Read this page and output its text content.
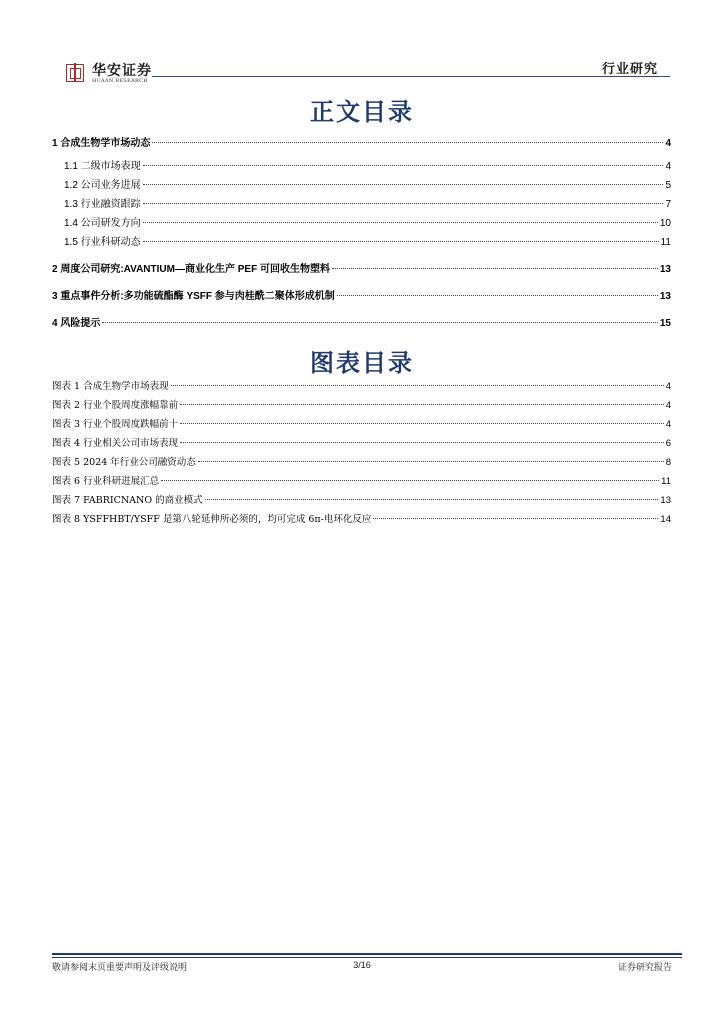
华安证券
HUAAN RESEARCH
行业研究
正文目录
1 合成生物学市场动态	4
1.1 二级市场表现	4
1.2 公司业务进展	5
1.3 行业融资跟踪	7
1.4 公司研发方向	10
1.5 行业科研动态	11
2 周度公司研究:AVANTIUM—商业化生产 PEF 可回收生物塑料	13
3 重点事件分析:多功能硫酯酶 YSFF 参与肉桂酰二聚体形成机制	13
4 风险提示	15
图表目录
图表 1 合成生物学市场表现	4
图表 2 行业个股周度涨幅靠前	4
图表 3 行业个股周度跌幅前十	4
图表 4 行业相关公司市场表现	6
图表 5 2024 年行业公司融资动态	8
图表 6 行业科研进展汇总	11
图表 7 FABRICNANO 的商业模式	13
图表 8 YSFFHBT/YSFF 是第八轮延伸所必须的，均可完成 6π-电环化反应	14
敬请参阅末页重要声明及评级说明	3/16	证券研究报告
